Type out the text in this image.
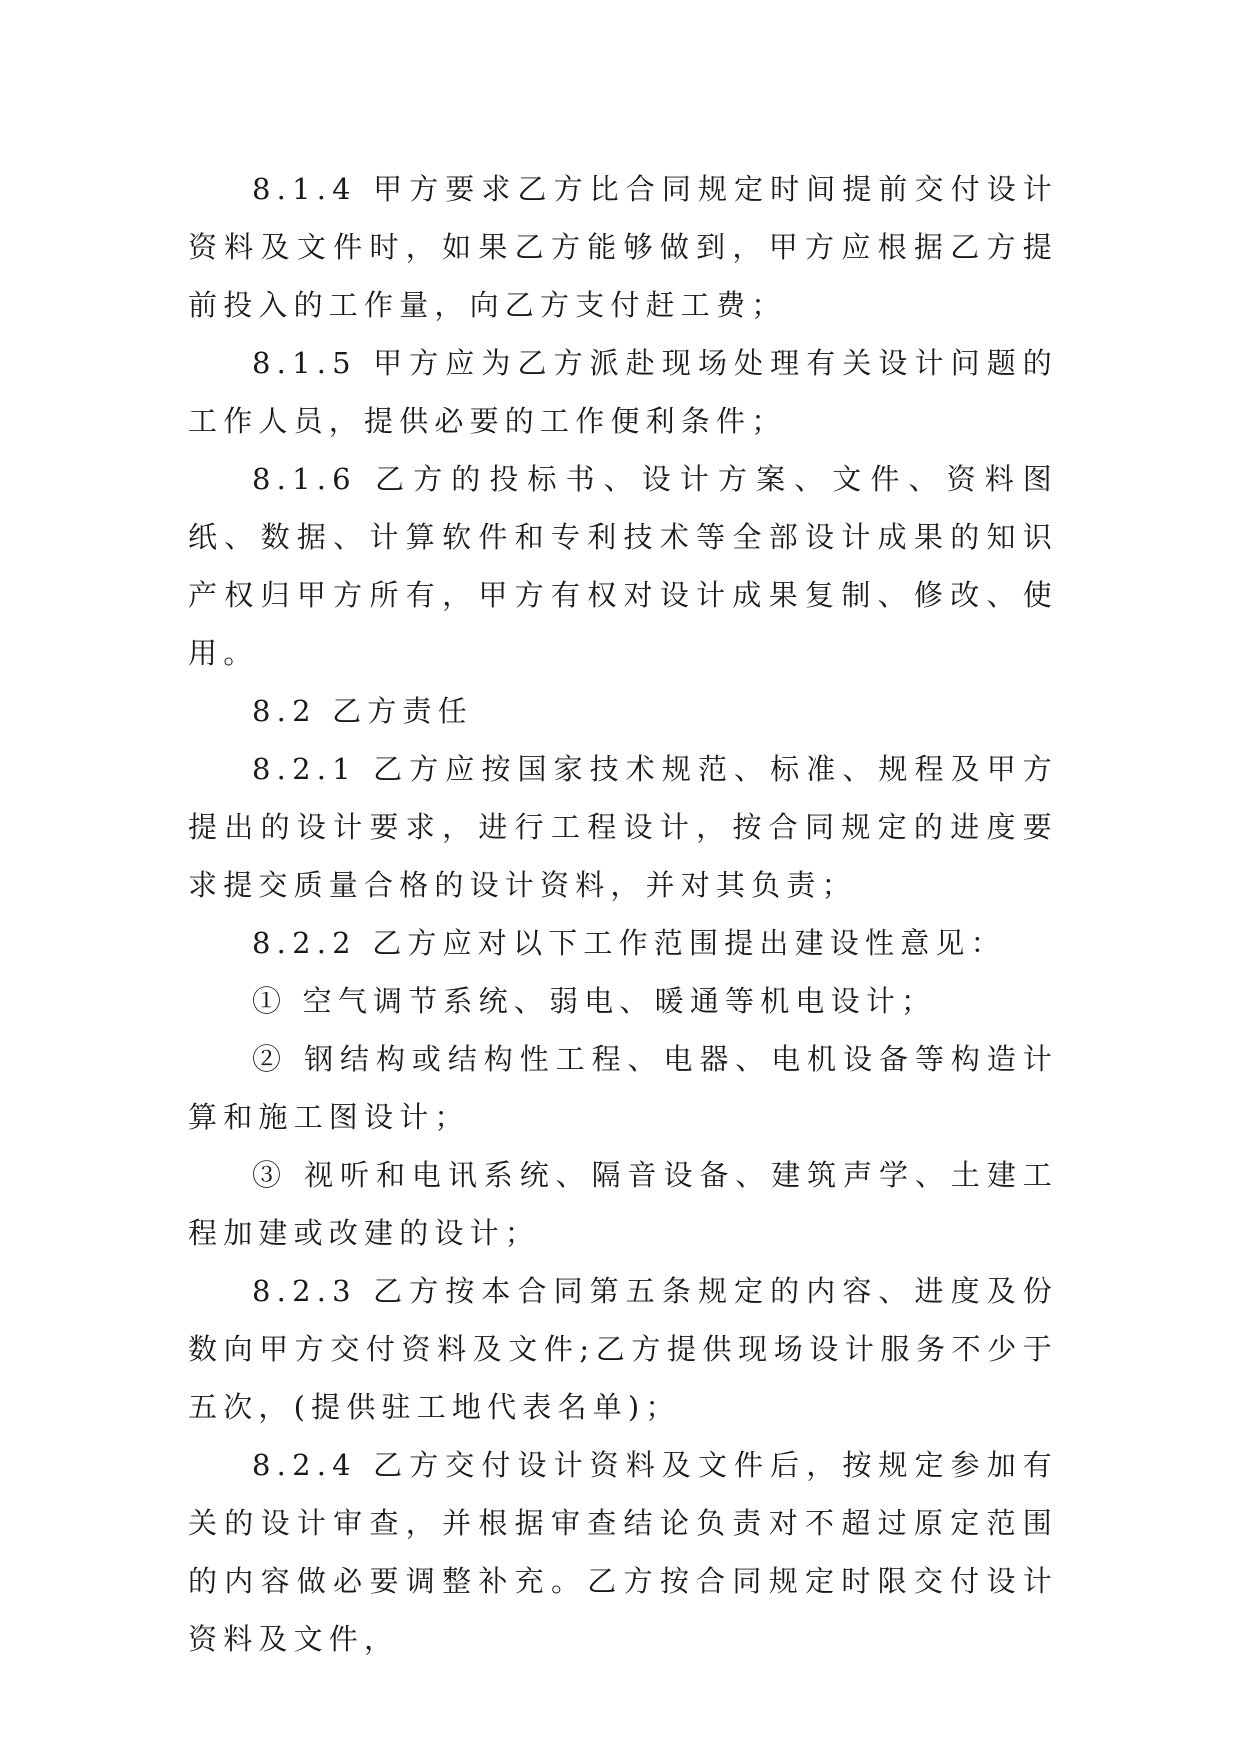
8.1.4 甲方要求乙方比合同规定时间提前交付设计资料及文件时，如果乙方能够做到，甲方应根据乙方提前投入的工作量，向乙方支付赶工费；

8.1.5 甲方应为乙方派赴现场处理有关设计问题的工作人员，提供必要的工作便利条件；

8.1.6 乙方的投标书、设计方案、文件、资料图纸、数据、计算软件和专利技术等全部设计成果的知识产权归甲方所有，甲方有权对设计成果复制、修改、使用。

8.2 乙方责任

8.2.1 乙方应按国家技术规范、标准、规程及甲方提出的设计要求，进行工程设计，按合同规定的进度要求提交质量合格的设计资料，并对其负责；

8.2.2 乙方应对以下工作范围提出建设性意见：

① 空气调节系统、弱电、暖通等机电设计；

② 钢结构或结构性工程、电器、电机设备等构造计算和施工图设计；

③ 视听和电讯系统、隔音设备、建筑声学、土建工程加建或改建的设计；

8.2.3 乙方按本合同第五条规定的内容、进度及份数向甲方交付资料及文件;乙方提供现场设计服务不少于五次，(提供驻工地代表名单)；

8.2.4 乙方交付设计资料及文件后，按规定参加有关的设计审查，并根据审查结论负责对不超过原定范围的内容做必要调整补充。乙方按合同规定时限交付设计资料及文件，
